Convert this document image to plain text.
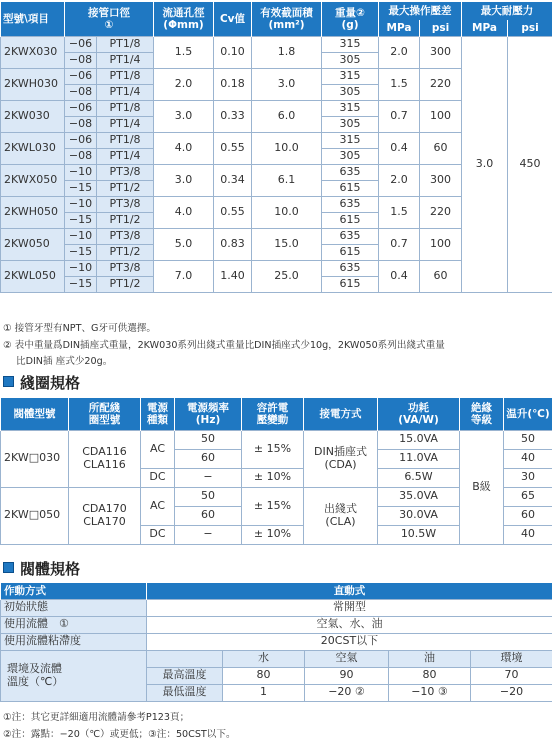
型號\項目	接管口徑
①		流通孔徑
(Φmm)	Cv值	有效截面積
(mm²)	重量②
(g)	最大操作壓差		最大耐壓力	
							MPa	psi	MPa	psi
2KWX030	−06	PT1/8	1.5	0.10	1.8	315	2.0	300	3.0	450
	−08	PT1/4				305				
2KWH030	−06	PT1/8	2.0	0.18	3.0	315	1.5	220		
	−08	PT1/4				305				
2KW030	−06	PT1/8	3.0	0.33	6.0	315	0.7	100		
	−08	PT1/4				305				
2KWL030	−06	PT1/8	4.0	0.55	10.0	315	0.4	60		
	−08	PT1/4				305				
2KWX050	−10	PT3/8	3.0	0.34	6.1	635	2.0	300		
	−15	PT1/2				615				
2KWH050	−10	PT3/8	4.0	0.55	10.0	635	1.5	220		
	−15	PT1/2				615				
2KW050	−10	PT3/8	5.0	0.83	15.0	635	0.7	100		
	−15	PT1/2				615				
2KWL050	−10	PT3/8	7.0	1.40	25.0	635	0.4	60		
	−15	PT1/2				615				
① 接管牙型有NPT、G牙可供選擇。
② 表中重量爲DIN插座式重量，2KW030系列出綫式重量比DIN插座式少10g，2KW050系列出綫式重量
比DIN插 座式少20g。
綫圈規格
閥體型號	所配綫
圈型號	電源
種類	電源頻率
(Hz)	容許電
壓變動	接電方式	功耗
(VA/W)	絶緣
等級	温升(℃)
2KW□030	CDA116
CLA116	AC	50	± 15%	DIN插座式
(CDA)	15.0VA	B級	50
			60			11.0VA		40
		DC	−	± 10%		6.5W		30
2KW□050	CDA170
CLA170	AC	50	± 15%	出綫式
(CLA)	35.0VA		65
			60			30.0VA		60
		DC	−	± 10%		10.5W		40
閥體規格
作動方式	直動式				
初始狀態	常開型				
使用流體　①	空氣、水、油				
使用流體粘滯度	20CST以下				
環境及流體
溫度（℃）		水	空氣	油	環境
	最高溫度	80	90	80	70
	最低溫度	1	−20 ②	−10 ③	−20
①注：其它更詳細適用流體請參考P123頁；
②注：露點：−20（℃）或更低；③注：50CST以下。
